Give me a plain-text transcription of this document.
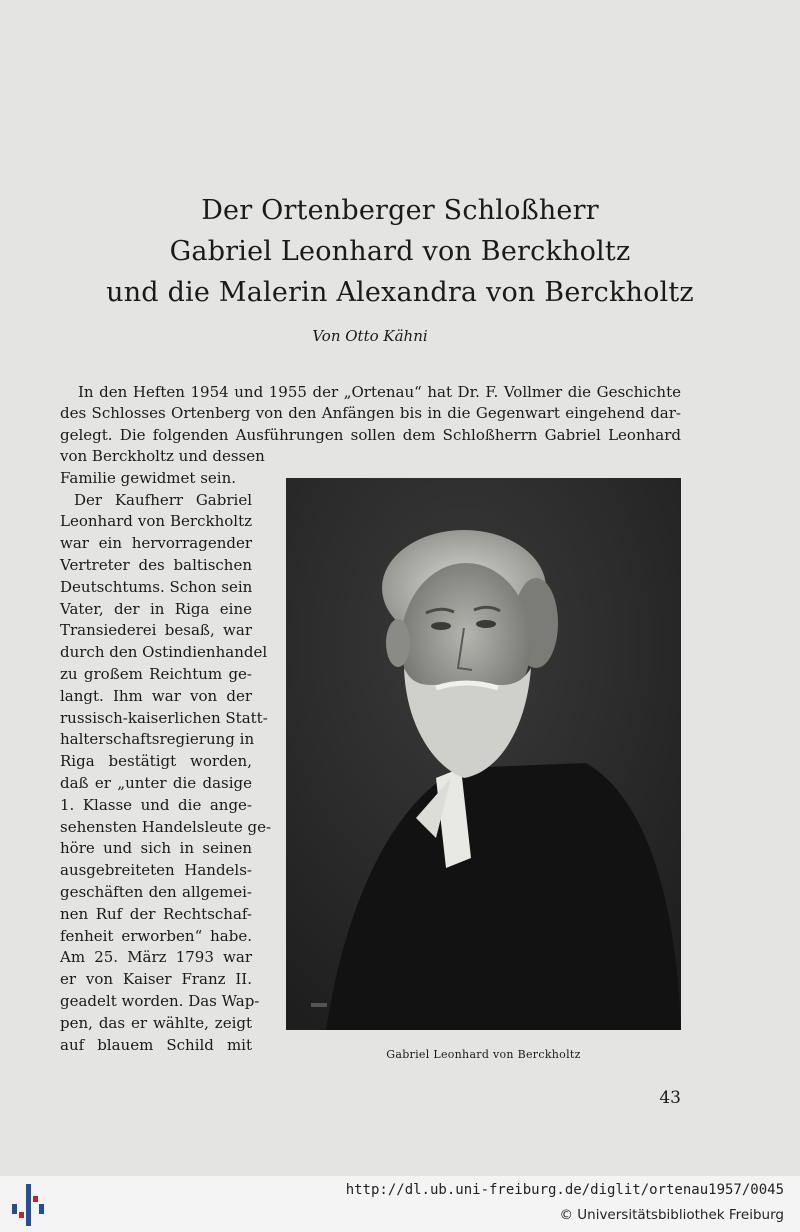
Der Ortenberger Schloßherr
Gabriel Leonhard von Berckholtz
und die Malerin Alexandra von Berckholtz
Von Otto Kähni
In den Heften 1954 und 1955 der „Ortenau“ hat Dr. F. Vollmer die Geschichte
des Schlosses Ortenberg von den Anfängen bis in die Gegenwart eingehend dar-
gelegt. Die folgenden Ausführungen sollen dem Schloßherrn Gabriel Leonhard
von Berckholtz und dessen
Familie gewidmet sein.
Der Kaufherr Gabriel
Leonhard von Berckholtz
war ein hervorragender
Vertreter des baltischen
Deutschtums. Schon sein
Vater, der in Riga eine
Transiederei besaß, war
durch den Ostindienhandel
zu großem Reichtum ge-
langt. Ihm war von der
russisch-kaiserlichen Statt-
halterschaftsregierung in
Riga bestätigt worden,
daß er „unter die dasige
1. Klasse und die ange-
sehensten Handelsleute ge-
höre und sich in seinen
ausgebreiteten Handels-
geschäften den allgemei-
nen Ruf der Rechtschaf-
fenheit erworben“ habe.
Am 25. März 1793 war
er von Kaiser Franz II.
geadelt worden. Das Wap-
pen, das er wählte, zeigt
auf blauem Schild mit
Gabriel Leonhard von Berckholtz
43
http://dl.ub.uni-freiburg.de/diglit/ortenau1957/0045
© Universitätsbibliothek Freiburg
